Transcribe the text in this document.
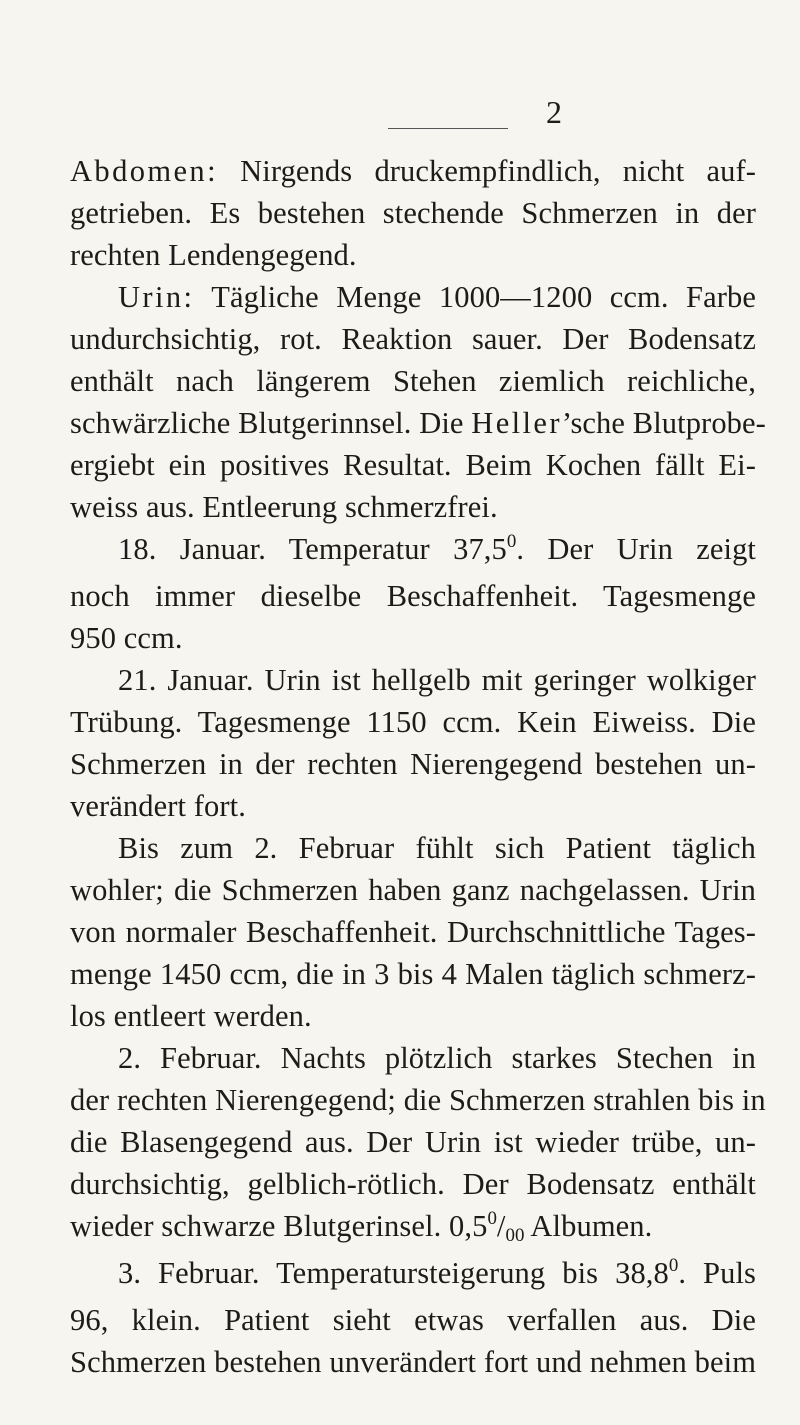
2
Abdomen: Nirgends druckempfindlich, nicht auf-
getrieben. Es bestehen stechende Schmerzen in der
rechten Lendengegend.
Urin: Tägliche Menge 1000—1200 ccm. Farbe
undurchsichtig, rot. Reaktion sauer. Der Bodensatz
enthält nach längerem Stehen ziemlich reichliche,
schwärzliche Blutgerinnsel. Die Heller’sche Blutprobe-
ergiebt ein positives Resultat. Beim Kochen fällt Ei-
weiss aus. Entleerung schmerzfrei.
18. Januar. Temperatur 37,5$^0$. Der Urin zeigt
noch immer dieselbe Beschaffenheit. Tagesmenge
950 ccm.
21. Januar. Urin ist hellgelb mit geringer wolkiger
Trübung. Tagesmenge 1150 ccm. Kein Eiweiss. Die
Schmerzen in der rechten Nierengegend bestehen un-
verändert fort.
Bis zum 2. Februar fühlt sich Patient täglich
wohler; die Schmerzen haben ganz nachgelassen. Urin
von normaler Beschaffenheit. Durchschnittliche Tages-
menge 1450 ccm, die in 3 bis 4 Malen täglich schmerz-
los entleert werden.
2. Februar. Nachts plötzlich starkes Stechen in
der rechten Nierengegend; die Schmerzen strahlen bis in
die Blasengegend aus. Der Urin ist wieder trübe, un-
durchsichtig, gelblich-rötlich. Der Bodensatz enthält
wieder schwarze Blutgerinsel. $0,5^0/00$ Albumen.
3. Februar. Temperatursteigerung bis 38,8$^0$. Puls
96, klein. Patient sieht etwas verfallen aus. Die
Schmerzen bestehen unverändert fort und nehmen beim
